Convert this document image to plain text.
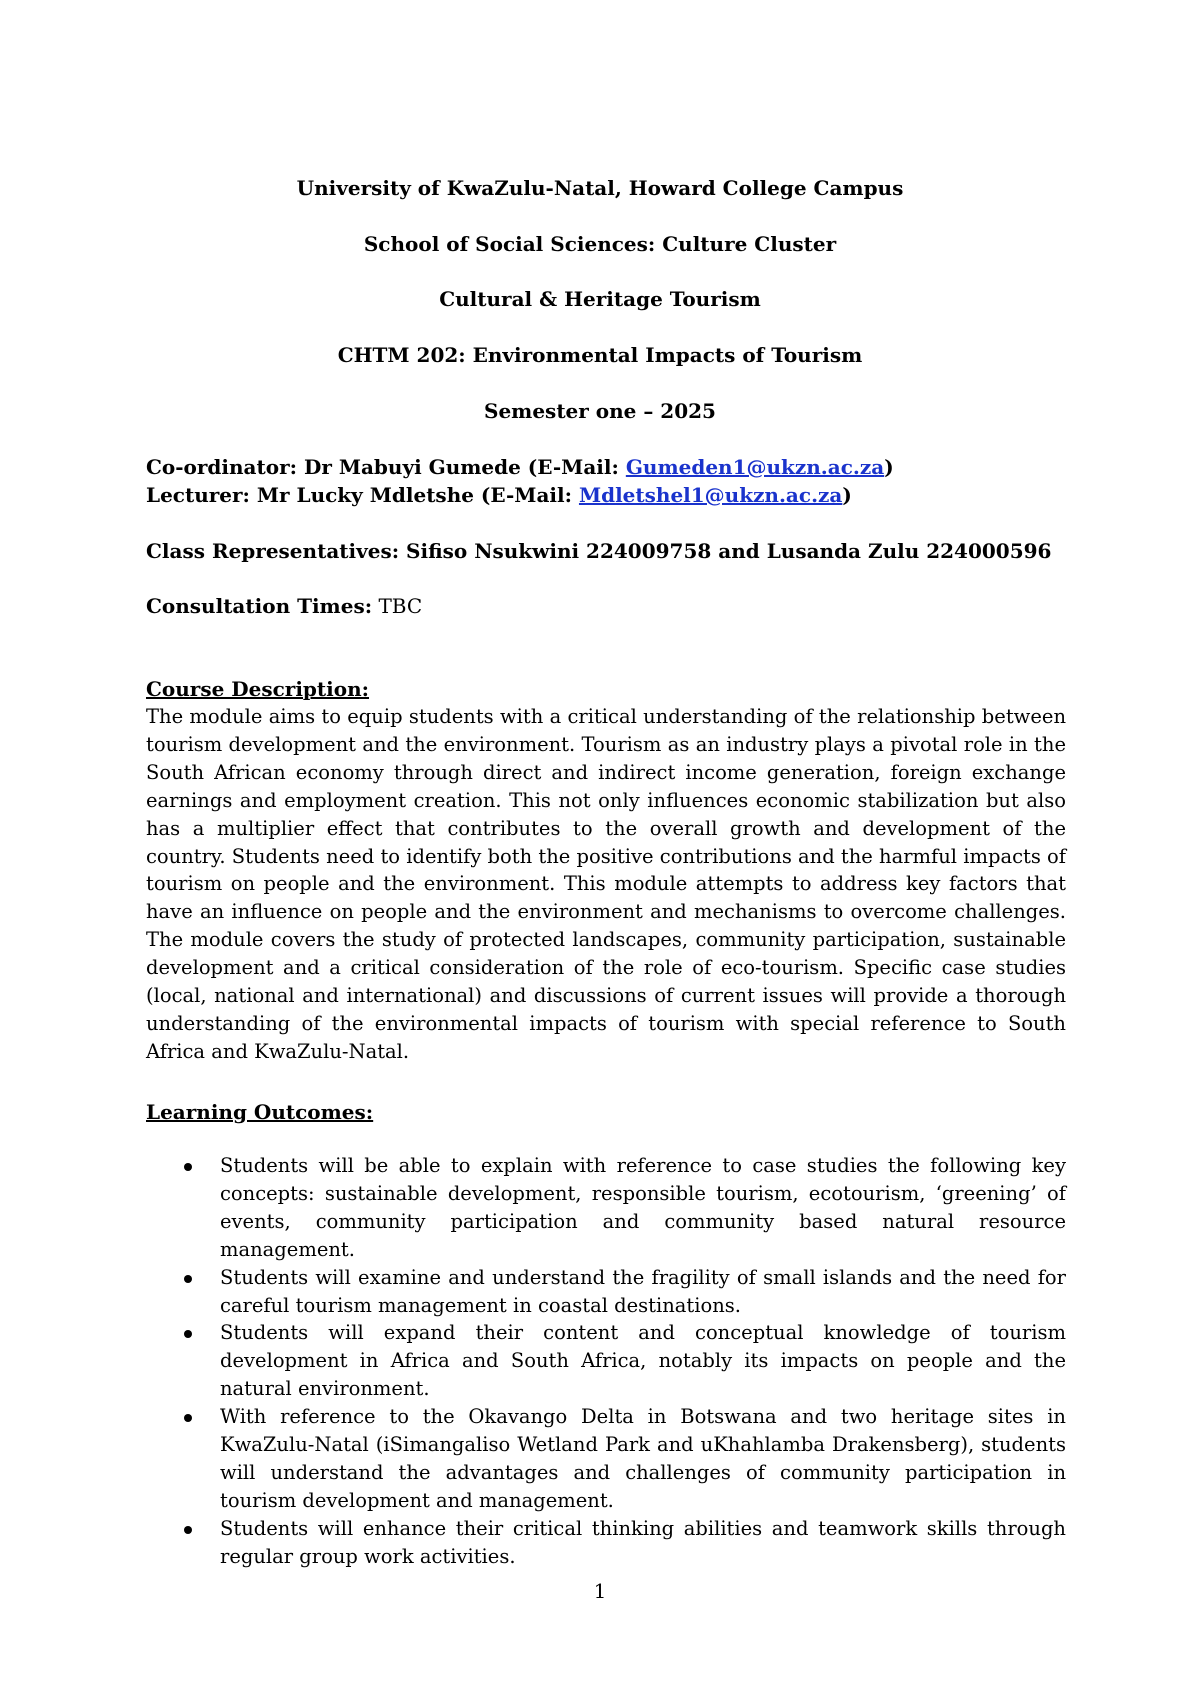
University of KwaZulu-Natal, Howard College Campus

School of Social Sciences: Culture Cluster

Cultural & Heritage Tourism

CHTM 202: Environmental Impacts of Tourism

Semester one – 2025

Co-ordinator: Dr Mabuyi Gumede (E-Mail: Gumeden1@ukzn.ac.za)
Lecturer: Mr Lucky Mdletshe (E-Mail: Mdletshel1@ukzn.ac.za)
Class Representatives: Sifiso Nsukwini 224009758 and Lusanda Zulu 224000596
Consultation Times: TBC

Course Description:

The module aims to equip students with a critical understanding of the relationship between tourism development and the environment. Tourism as an industry plays a pivotal role in the South African economy through direct and indirect income generation, foreign exchange earnings and employment creation. This not only influences economic stabilization but also has a multiplier effect that contributes to the overall growth and development of the country. Students need to identify both the positive contributions and the harmful impacts of tourism on people and the environment. This module attempts to address key factors that have an influence on people and the environment and mechanisms to overcome challenges. The module covers the study of protected landscapes, community participation, sustainable development and a critical consideration of the role of eco-tourism. Specific case studies (local, national and international) and discussions of current issues will provide a thorough understanding of the environmental impacts of tourism with special reference to South Africa and KwaZulu-Natal.

Learning Outcomes:

Students will be able to explain with reference to case studies the following key concepts: sustainable development, responsible tourism, ecotourism, ‘greening’ of events, community participation and community based natural resource management.
Students will examine and understand the fragility of small islands and the need for careful tourism management in coastal destinations.
Students will expand their content and conceptual knowledge of tourism development in Africa and South Africa, notably its impacts on people and the natural environment.
With reference to the Okavango Delta in Botswana and two heritage sites in KwaZulu-Natal (iSimangaliso Wetland Park and uKhahlamba Drakensberg), students will understand the advantages and challenges of community participation in tourism development and management.
Students will enhance their critical thinking abilities and teamwork skills through regular group work activities.
1
